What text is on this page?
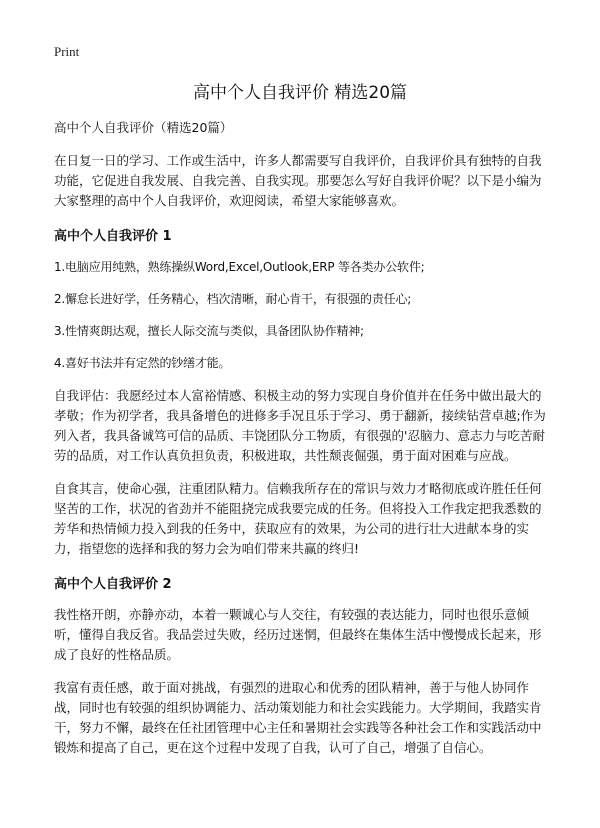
Print
高中个人自我评价 精选20篇

高中个人自我评价（精选20篇）

在日复一日的学习、工作或生活中，许多人都需要写自我评价，自我评价具有独特的自我功能，它促进自我发展、自我完善、自我实现。那要怎么写好自我评价呢？以下是小编为大家整理的高中个人自我评价，欢迎阅读，希望大家能够喜欢。

高中个人自我评价 1

1.电脑应用纯熟，熟练操纵Word,Excel,Outlook,ERP 等各类办公软件;

2.懈怠长进好学，任务精心，档次清晰，耐心肯干，有很强的责任心;

3.性情爽朗达观，擅长人际交流与类似，具备团队协作精神;

4.喜好书法并有定然的钞缮才能。

自我评估：我愿经过本人富裕情感、积极主动的努力实现自身价值并在任务中做出最大的孝敬；作为初学者，我具备增色的进修多手况且乐于学习、勇于翻新，接续钻营卓越;作为列入者，我具备诚笃可信的品质、丰饶团队分工物质，有很强的'忍脑力、意志力与吃苦耐劳的品质，对工作认真负担负责，积极进取，共性颓丧倔强，勇于面对困难与应战。

自食其言，使命心强，注重团队精力。信赖我所存在的常识与效力才略彻底或许胜任任何坚苦的工作，状况的省劲并不能阻挠完成我要完成的任务。但将投入工作我定把我悉数的芳华和热情倾力投入到我的任务中，获取应有的效果，为公司的进行壮大进献本身的实力，指望您的选择和我的努力会为咱们带来共赢的终归!

高中个人自我评价 2

我性格开朗，亦静亦动，本着一颗诚心与人交往，有较强的表达能力，同时也很乐意倾听，懂得自我反省。我品尝过失败，经历过迷惘，但最终在集体生活中慢慢成长起来，形成了良好的性格品质。

我富有责任感，敢于面对挑战，有强烈的进取心和优秀的团队精神，善于与他人协同作战，同时也有较强的组织协调能力、活动策划能力和社会实践能力。大学期间，我踏实肯干，努力不懈，最终在任社团管理中心主任和暑期社会实践等各种社会工作和实践活动中锻炼和提高了自己，更在这个过程中发现了自我，认可了自己，增强了自信心。
